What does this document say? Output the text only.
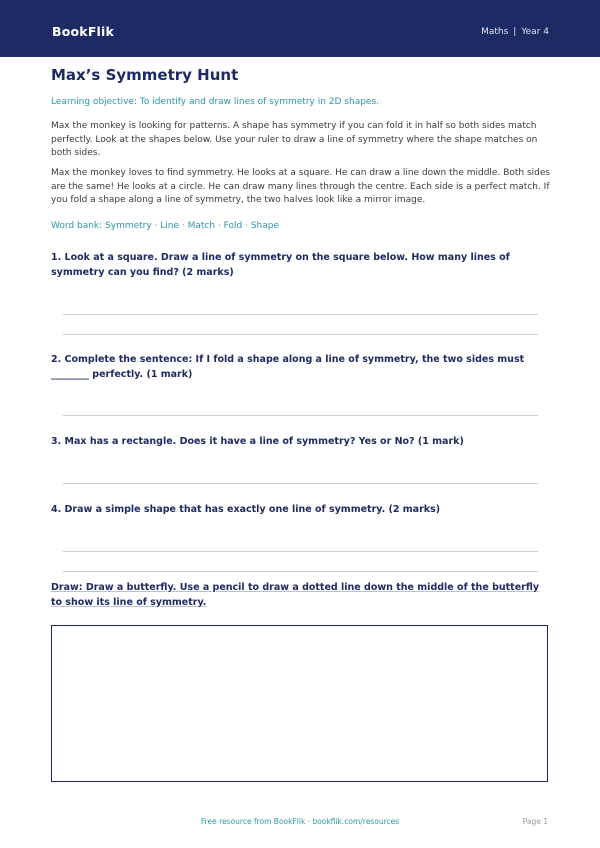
BookFlik	Maths | Year 4
Max’s Symmetry Hunt
Learning objective: To identify and draw lines of symmetry in 2D shapes.

Max the monkey is looking for patterns. A shape has symmetry if you can fold it in half so both sides match perfectly. Look at the shapes below. Use your ruler to draw a line of symmetry where the shape matches on both sides.

Max the monkey loves to find symmetry. He looks at a square. He can draw a line down the middle. Both sides are the same! He looks at a circle. He can draw many lines through the centre. Each side is a perfect match. If you fold a shape along a line of symmetry, the two halves look like a mirror image.

Word bank: Symmetry · Line · Match · Fold · Shape

1. Look at a square. Draw a line of symmetry on the square below. How many lines of symmetry can you find? (2 marks)

2. Complete the sentence: If I fold a shape along a line of symmetry, the two sides must ________ perfectly. (1 mark)

3. Max has a rectangle. Does it have a line of symmetry? Yes or No? (1 mark)

4. Draw a simple shape that has exactly one line of symmetry. (2 marks)

Draw: Draw a butterfly. Use a pencil to draw a dotted line down the middle of the butterfly to show its line of symmetry.

Free resource from BookFlik · bookflik.com/resources	Page 1
